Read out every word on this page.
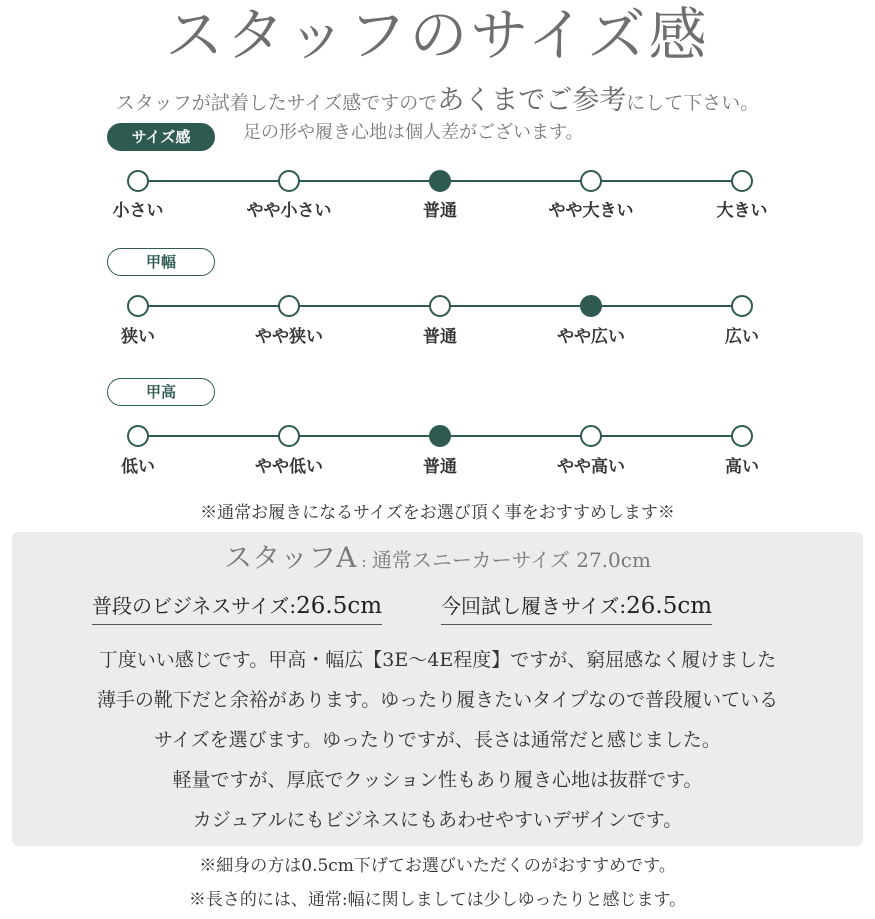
スタッフのサイズ感
スタッフが試着したサイズ感ですのであくまでご参考にして下さい。
足の形や履き心地は個人差がございます。
サイズ感
小さい	やや小さい	普通	やや大きい	大きい
甲幅
狭い	やや狭い	普通	やや広い	広い
甲高
低い	やや低い	普通	やや高い	高い
※通常お履きになるサイズをお選び頂く事をおすすめします※
スタッフA : 通常スニーカーサイズ 27.0cm
普段のビジネスサイズ:26.5cm	今回試し履きサイズ:26.5cm
丁度いい感じです。甲高・幅広【3E～4E程度】ですが、窮屈感なく履けました
薄手の靴下だと余裕があります。ゆったり履きたいタイプなので普段履いている
サイズを選びます。ゆったりですが、長さは通常だと感じました。
軽量ですが、厚底でクッション性もあり履き心地は抜群です。
カジュアルにもビジネスにもあわせやすいデザインです。
※細身の方は0.5cm下げてお選びいただくのがおすすめです。
※長さ的には、通常:幅に関しましては少しゆったりと感じます。
